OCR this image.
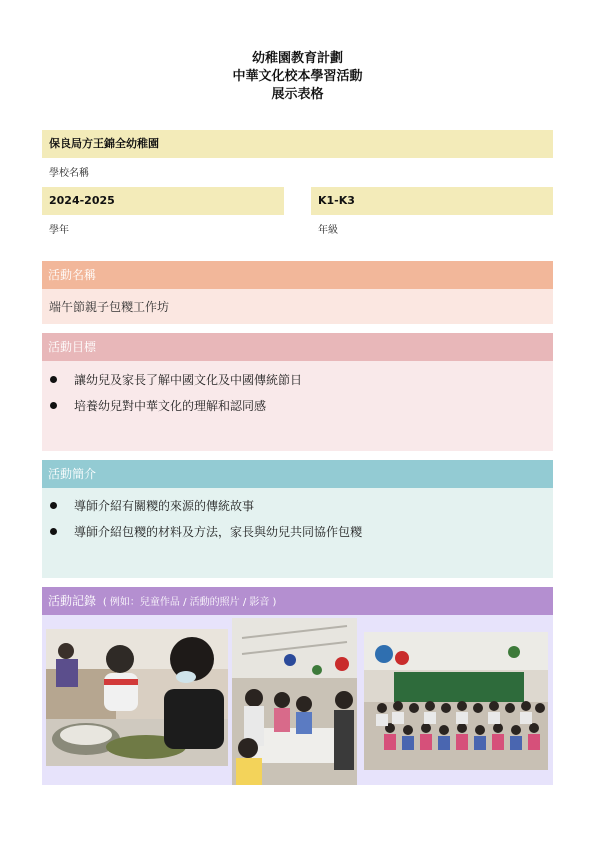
幼稚園教育計劃
中華文化校本學習活動
展示表格
保良局方王錦全幼稚園
學校名稱
2024-2025
學年
K1-K3
年級
活動名稱
端午節親子包糭工作坊
活動目標
讓幼兒及家長了解中國文化及中國傳統節日
培養幼兒對中華文化的理解和認同感
活動簡介
導師介紹有關糭的來源的傳統故事
導師介紹包糭的材料及方法，家長與幼兒共同協作包糭
活動記錄 ( 例如：兒童作品 / 活動的照片 / 影音 )
